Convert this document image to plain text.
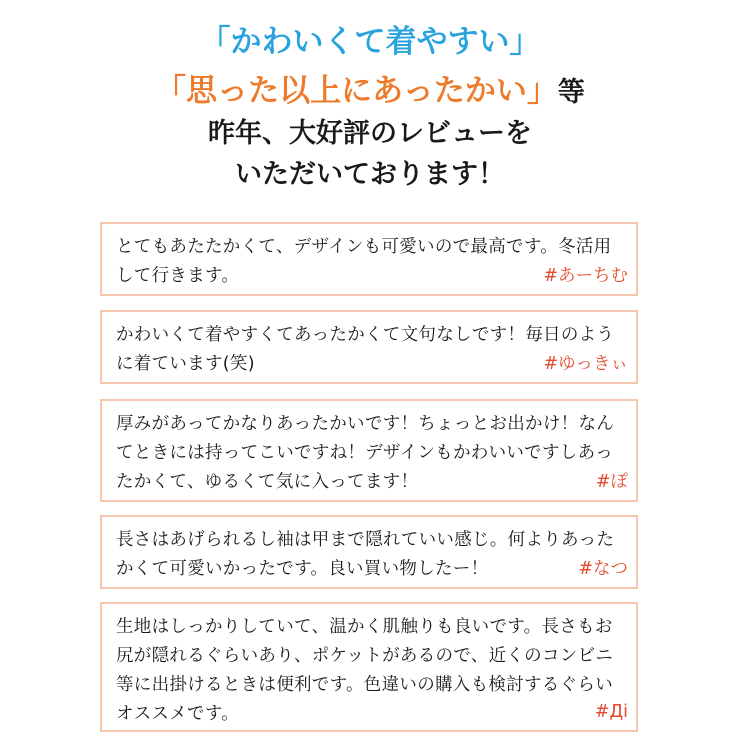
「かわいくて着やすい」
「思った以上にあったかい」等
昨年、大好評のレビューを
いただいております！
とてもあたたかくて、デザインも可愛いので最高です。冬活用して行きます。	#あーちむ
かわいくて着やすくてあったかくて文句なしです！毎日のように着ています(笑)	#ゆっきぃ
厚みがあってかなりあったかいです！ちょっとお出かけ！なんてときには持ってこいですね！デザインもかわいいですしあったかくて、ゆるくて気に入ってます！	#ぽ
長さはあげられるし袖は甲まで隠れていい感じ。何よりあったかくて可愛いかったです。良い買い物したー！	#なつ
生地はしっかりしていて、温かく肌触りも良いです。長さもお尻が隠れるぐらいあり、ポケットがあるので、近くのコンビニ等に出掛けるときは便利です。色違いの購入も検討するぐらいオススメです。	#Дi
